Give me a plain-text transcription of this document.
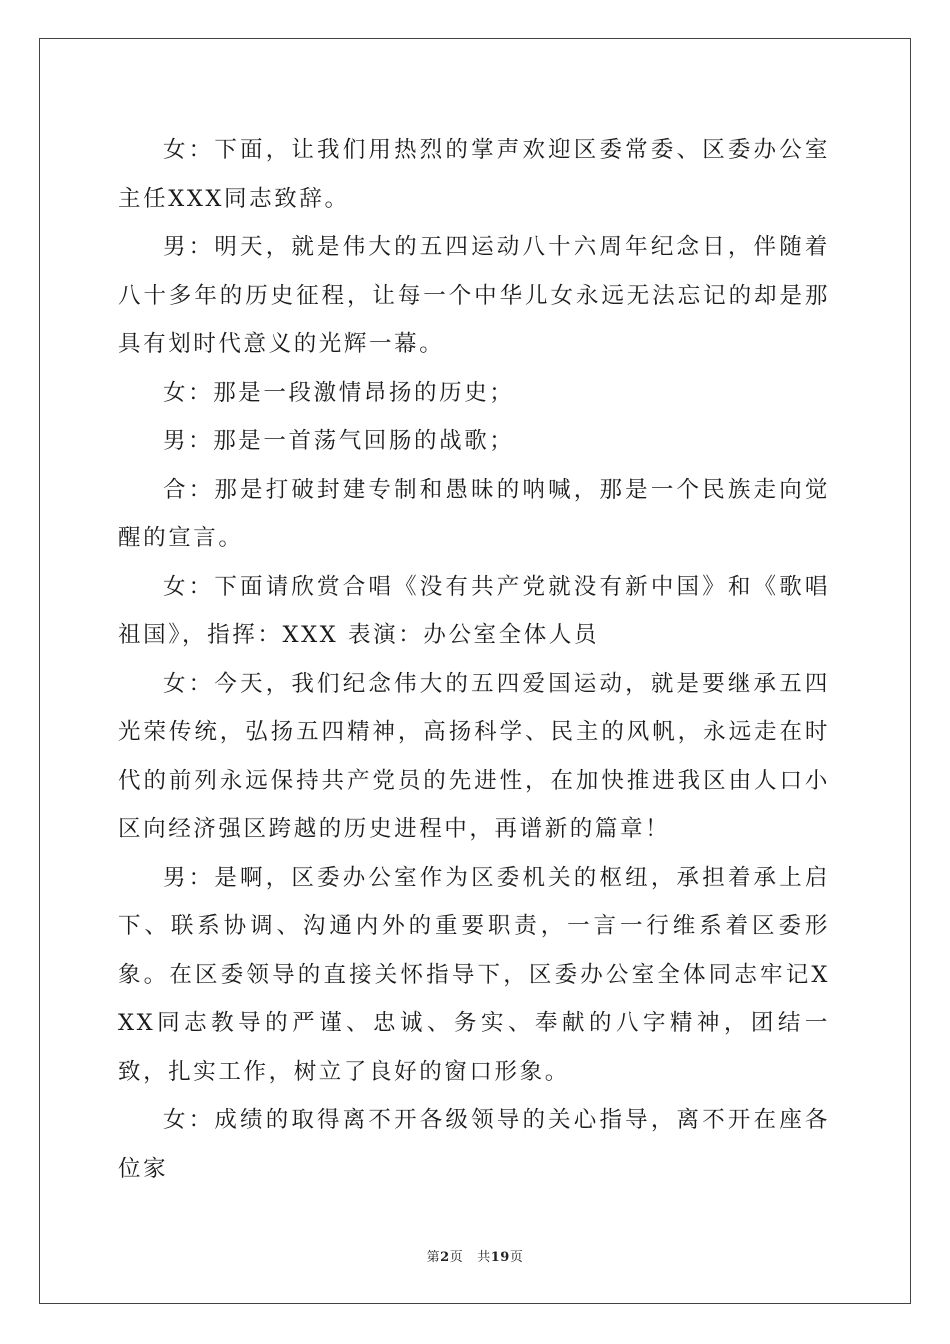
女：下面，让我们用热烈的掌声欢迎区委常委、区委办公室主任XXX同志致辞。

男：明天，就是伟大的五四运动八十六周年纪念日，伴随着八十多年的历史征程，让每一个中华儿女永远无法忘记的却是那具有划时代意义的光辉一幕。

女：那是一段激情昂扬的历史；

男：那是一首荡气回肠的战歌；

合：那是打破封建专制和愚昧的呐喊，那是一个民族走向觉醒的宣言。

女：下面请欣赏合唱《没有共产党就没有新中国》和《歌唱祖国》，指挥：XXX 表演：办公室全体人员

女：今天，我们纪念伟大的五四爱国运动，就是要继承五四光荣传统，弘扬五四精神，高扬科学、民主的风帆，永远走在时代的前列永远保持共产党员的先进性，在加快推进我区由人口小区向经济强区跨越的历史进程中，再谱新的篇章！

男：是啊，区委办公室作为区委机关的枢纽，承担着承上启下、联系协调、沟通内外的重要职责，一言一行维系着区委形象。在区委领导的直接关怀指导下，区委办公室全体同志牢记XXX同志教导的严谨、忠诚、务实、奉献的八字精神，团结一致，扎实工作，树立了良好的窗口形象。

女：成绩的取得离不开各级领导的关心指导，离不开在座各位家

第2页 共19页
